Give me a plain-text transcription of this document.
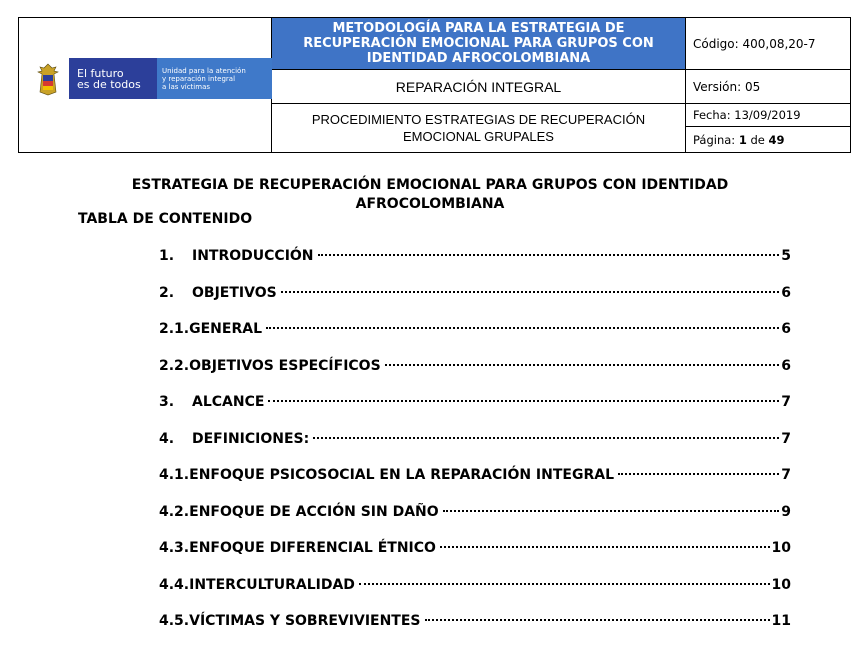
El futuro
es de todos
Unidad para la atención
y reparación integral
a las víctimas
METODOLOGÍA PARA LA ESTRATEGIA DE RECUPERACIÓN EMOCIONAL PARA GRUPOS CON IDENTIDAD AFROCOLOMBIANA
REPARACIÓN INTEGRAL
PROCEDIMIENTO ESTRATEGIAS DE RECUPERACIÓN EMOCIONAL GRUPALES
Código: 400,08,20-7
Versión: 05
Fecha: 13/09/2019
Página:
1
de
49
ESTRATEGIA DE RECUPERACIÓN EMOCIONAL PARA GRUPOS CON IDENTIDAD AFROCOLOMBIANA
TABLA DE CONTENIDO
1.	INTRODUCCIÓN	5
2.	OBJETIVOS	6
2.1. GENERAL	6
2.2. OBJETIVOS ESPECÍFICOS	6
3.	ALCANCE	7
4.	DEFINICIONES:	7
4.1. ENFOQUE PSICOSOCIAL EN LA REPARACIÓN INTEGRAL	7
4.2. ENFOQUE DE ACCIÓN SIN DAÑO	9
4.3. ENFOQUE DIFERENCIAL ÉTNICO	10
4.4. INTERCULTURALIDAD	10
4.5. VÍCTIMAS Y SOBREVIVIENTES	11
